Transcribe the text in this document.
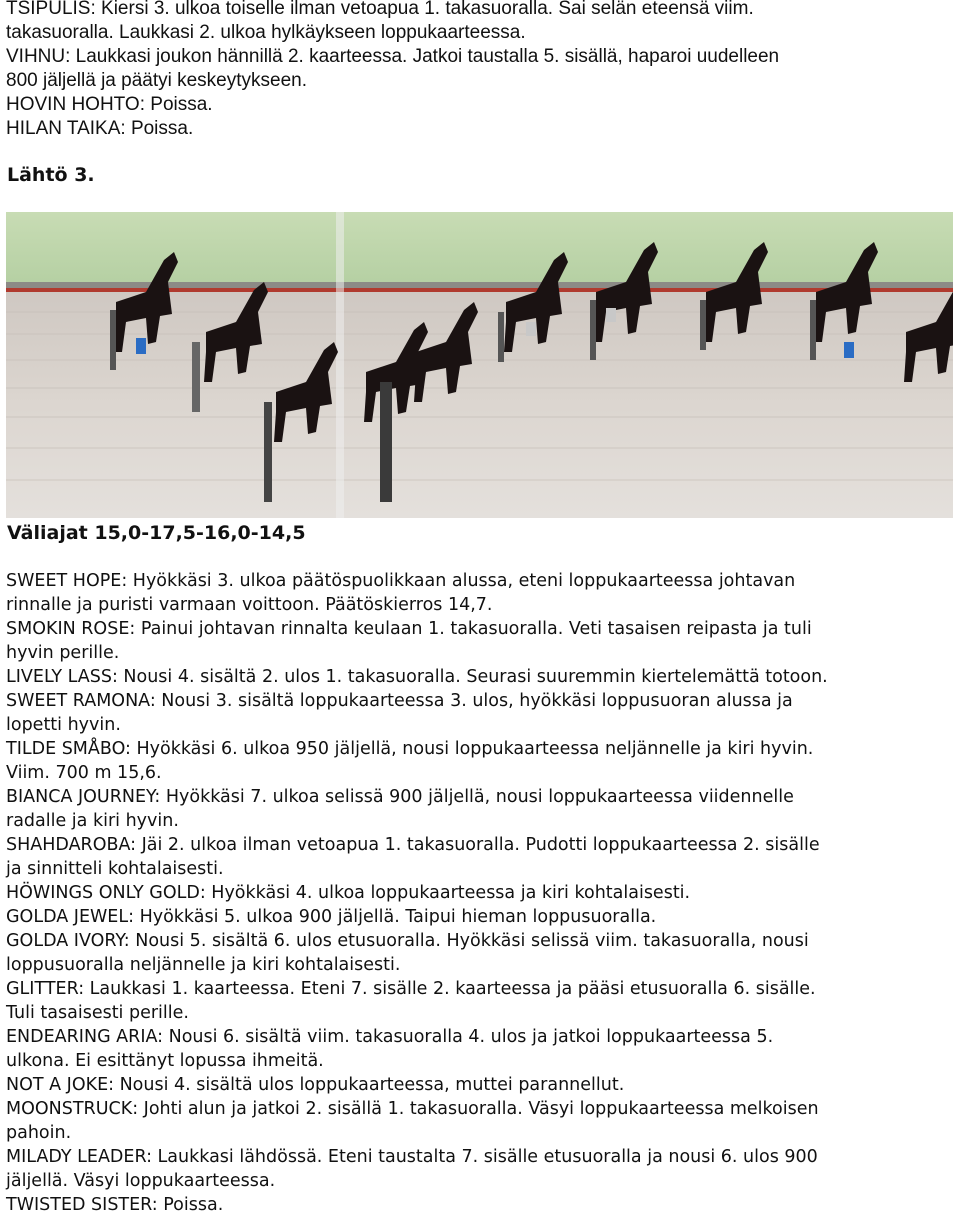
TSIPULIS: Kiersi 3. ulkoa toiselle ilman vetoapua 1. takasuoralla. Sai selän eteensä viim.
takasuoralla. Laukkasi 2. ulkoa hylkäykseen loppukaarteessa.
VIHNU: Laukkasi joukon hännillä 2. kaarteessa. Jatkoi taustalla 5. sisällä, haparoi uudelleen
800 jäljellä ja päätyi keskeytykseen.
HOVIN HOHTO: Poissa.
HILAN TAIKA: Poissa.
Lähtö 3.
Väliajat 15,0-17,5-16,0-14,5
SWEET HOPE: Hyökkäsi 3. ulkoa päätöspuolikkaan alussa, eteni loppukaarteessa johtavan
rinnalle ja puristi varmaan voittoon. Päätöskierros 14,7.
SMOKIN ROSE: Painui johtavan rinnalta keulaan 1. takasuoralla. Veti tasaisen reipasta ja tuli
hyvin perille.
LIVELY LASS: Nousi 4. sisältä 2. ulos 1. takasuoralla. Seurasi suuremmin kiertelemättä totoon.
SWEET RAMONA: Nousi 3. sisältä loppukaarteessa 3. ulos, hyökkäsi loppusuoran alussa ja
lopetti hyvin.
TILDE SMÅBO: Hyökkäsi 6. ulkoa 950 jäljellä, nousi loppukaarteessa neljännelle ja kiri hyvin.
Viim. 700 m 15,6.
BIANCA JOURNEY: Hyökkäsi 7. ulkoa selissä 900 jäljellä, nousi loppukaarteessa viidennelle
radalle ja kiri hyvin.
SHAHDAROBA: Jäi 2. ulkoa ilman vetoapua 1. takasuoralla. Pudotti loppukaarteessa 2. sisälle
ja sinnitteli kohtalaisesti.
HÖWINGS ONLY GOLD: Hyökkäsi 4. ulkoa loppukaarteessa ja kiri kohtalaisesti.
GOLDA JEWEL: Hyökkäsi 5. ulkoa 900 jäljellä. Taipui hieman loppusuoralla.
GOLDA IVORY: Nousi 5. sisältä 6. ulos etusuoralla. Hyökkäsi selissä viim. takasuoralla, nousi
loppusuoralla neljännelle ja kiri kohtalaisesti.
GLITTER: Laukkasi 1. kaarteessa. Eteni 7. sisälle 2. kaarteessa ja pääsi etusuoralla 6. sisälle.
Tuli tasaisesti perille.
ENDEARING ARIA: Nousi 6. sisältä viim. takasuoralla 4. ulos ja jatkoi loppukaarteessa 5.
ulkona. Ei esittänyt lopussa ihmeitä.
NOT A JOKE: Nousi 4. sisältä ulos loppukaarteessa, muttei parannellut.
MOONSTRUCK: Johti alun ja jatkoi 2. sisällä 1. takasuoralla. Väsyi loppukaarteessa melkoisen
pahoin.
MILADY LEADER: Laukkasi lähdössä. Eteni taustalta 7. sisälle etusuoralla ja nousi 6. ulos 900
jäljellä. Väsyi loppukaarteessa.
TWISTED SISTER: Poissa.
